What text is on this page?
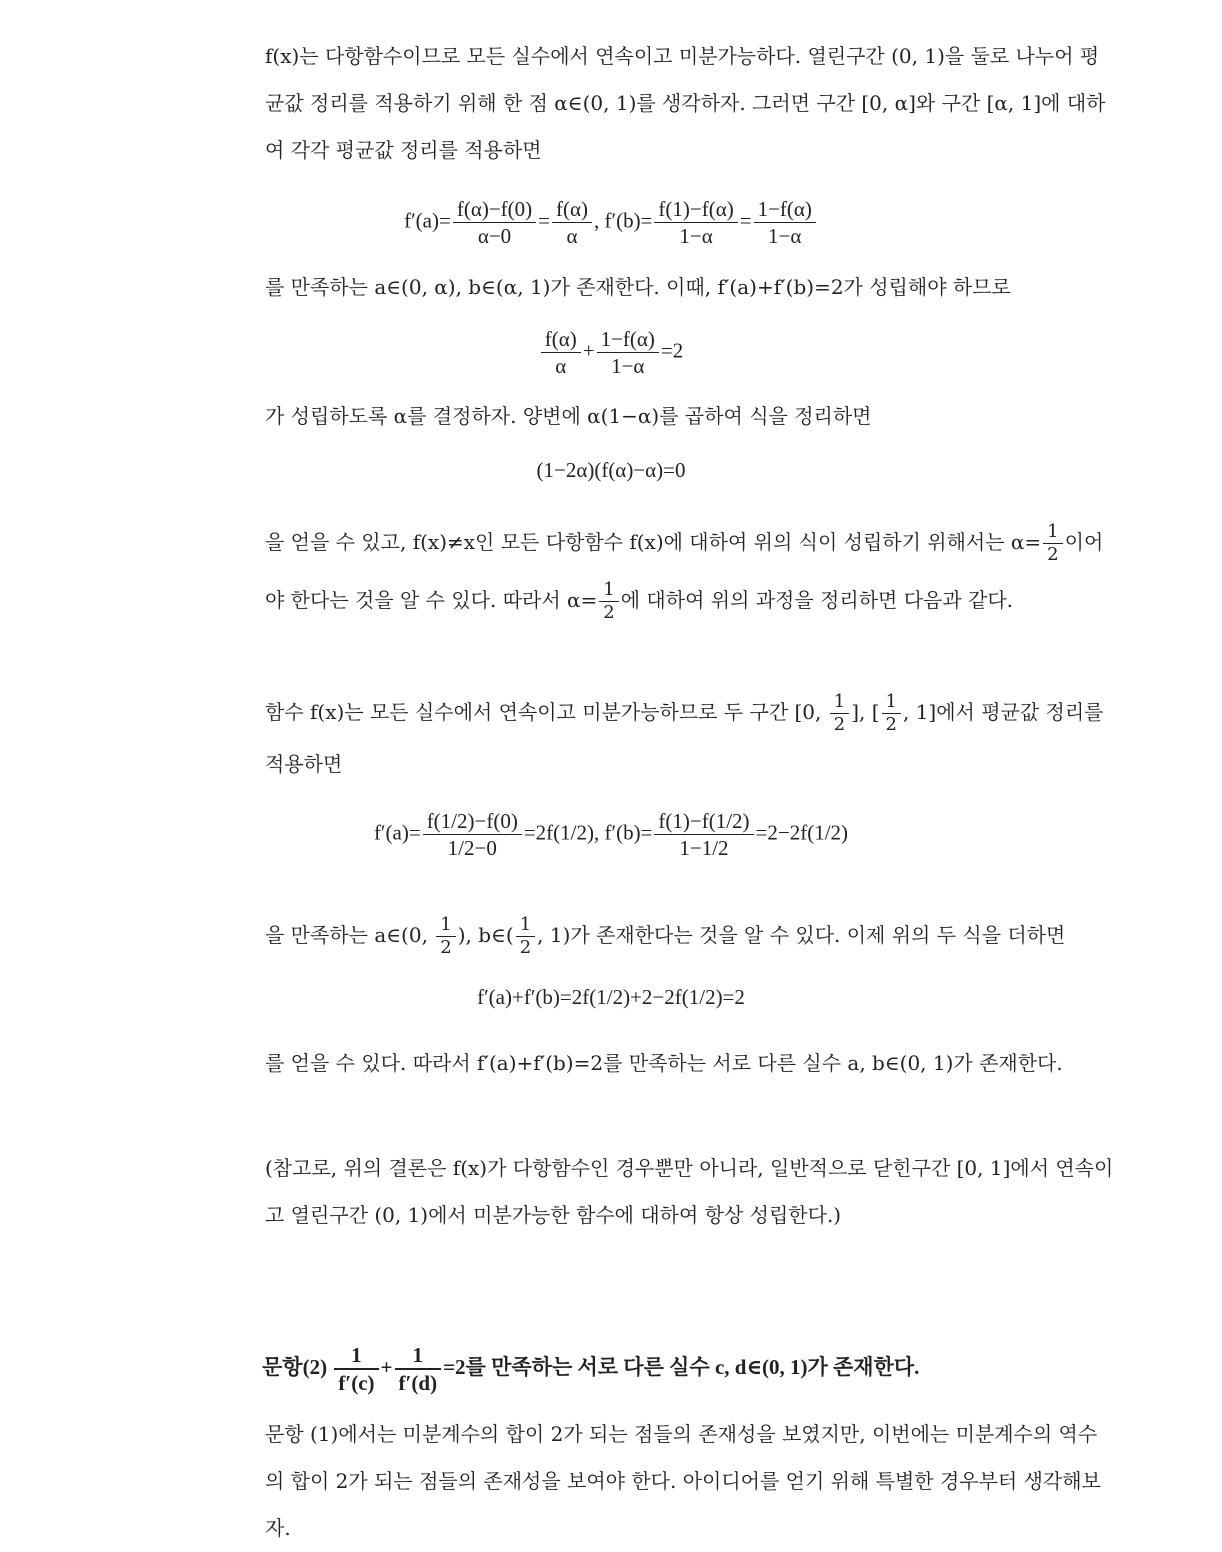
f(x)는 다항함수이므로 모든 실수에서 연속이고 미분가능하다. 열린구간 (0, 1)을 둘로 나누어 평균값 정리를 적용하기 위해 한 점 α∈(0, 1)를 생각하자. 그러면 구간 [0, α]와 구간 [α, 1]에 대하여 각각 평균값 정리를 적용하면

$f'(a)= \frac{f(\alpha)-f(0)}{\alpha-0} = \frac{f(\alpha)}{\alpha}$ , $f'(b)= \frac{f(1)-f(\alpha)}{1-\alpha} = \frac{1-f(\alpha)}{1-\alpha}$

를 만족하는 a∈(0, α), b∈(α, 1)가 존재한다. 이때, f′(a)+f′(b)=2가 성립해야 하므로

$\frac{f(\alpha)}{\alpha} + \frac{1-f(\alpha)}{1-\alpha} =2$

가 성립하도록 α를 결정하자. 양변에 α(1−α)를 곱하여 식을 정리하면

(1−2α)(f(α)−α)=0

을 얻을 수 있고, f(x)≠x인 모든 다항함수 f(x)에 대하여 위의 식이 성립하기 위해서는 $\alpha= \frac{1}{2}$ 이어야 한다는 것을 알 수 있다. 따라서 $\alpha= \frac{1}{2}$ 에 대하여 위의 과정을 정리하면 다음과 같다.

함수 f(x)는 모든 실수에서 연속이고 미분가능하므로 두 구간 [0, $\frac{1}{2}$ ], [ $\frac{1}{2}$ , 1]에서 평균값 정리를 적용하면

$f'(a)= \frac{f(1/2)-f(0)}{1/2-0} =2f(1/2)$, $f'(b)= \frac{f(1)-f(1/2)}{1-1/2} =2-2f(1/2)$

을 만족하는 a∈(0, $\frac{1}{2}$ ), b∈( $\frac{1}{2}$ , 1)가 존재한다는 것을 알 수 있다. 이제 위의 두 식을 더하면

f′(a)+f′(b)=2f(1/2)+2−2f(1/2)=2

를 얻을 수 있다. 따라서 f′(a)+f′(b)=2를 만족하는 서로 다른 실수 a, b∈(0, 1)가 존재한다.

(참고로, 위의 결론은 f(x)가 다항함수인 경우뿐만 아니라, 일반적으로 닫힌구간 [0, 1]에서 연속이고 열린구간 (0, 1)에서 미분가능한 함수에 대하여 항상 성립한다.)

문항$(2) \frac{1}{f'(c)} + \frac{1}{f'(d)} =2$를 만족하는 서로 다른 실수 c, d∈(0, 1)가 존재한다.

문항 (1)에서는 미분계수의 합이 2가 되는 점들의 존재성을 보였지만, 이번에는 미분계수의 역수의 합이 2가 되는 점들의 존재성을 보여야 한다. 아이디어를 얻기 위해 특별한 경우부터 생각해보자.
